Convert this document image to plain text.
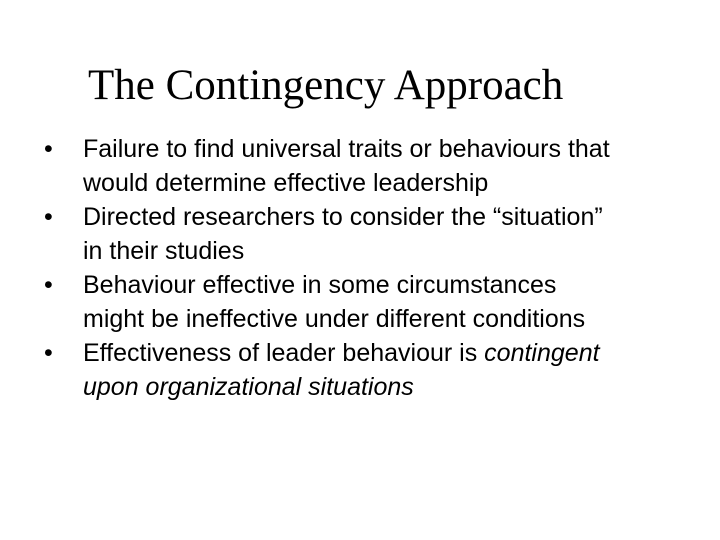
The Contingency Approach
• Failure to find universal traits or behaviours that
would determine effective leadership
• Directed researchers to consider the “situation”
in their studies
• Behaviour effective in some circumstances
might be ineffective under different conditions
• Effectiveness of leader behaviour is contingent
upon organizational situations
